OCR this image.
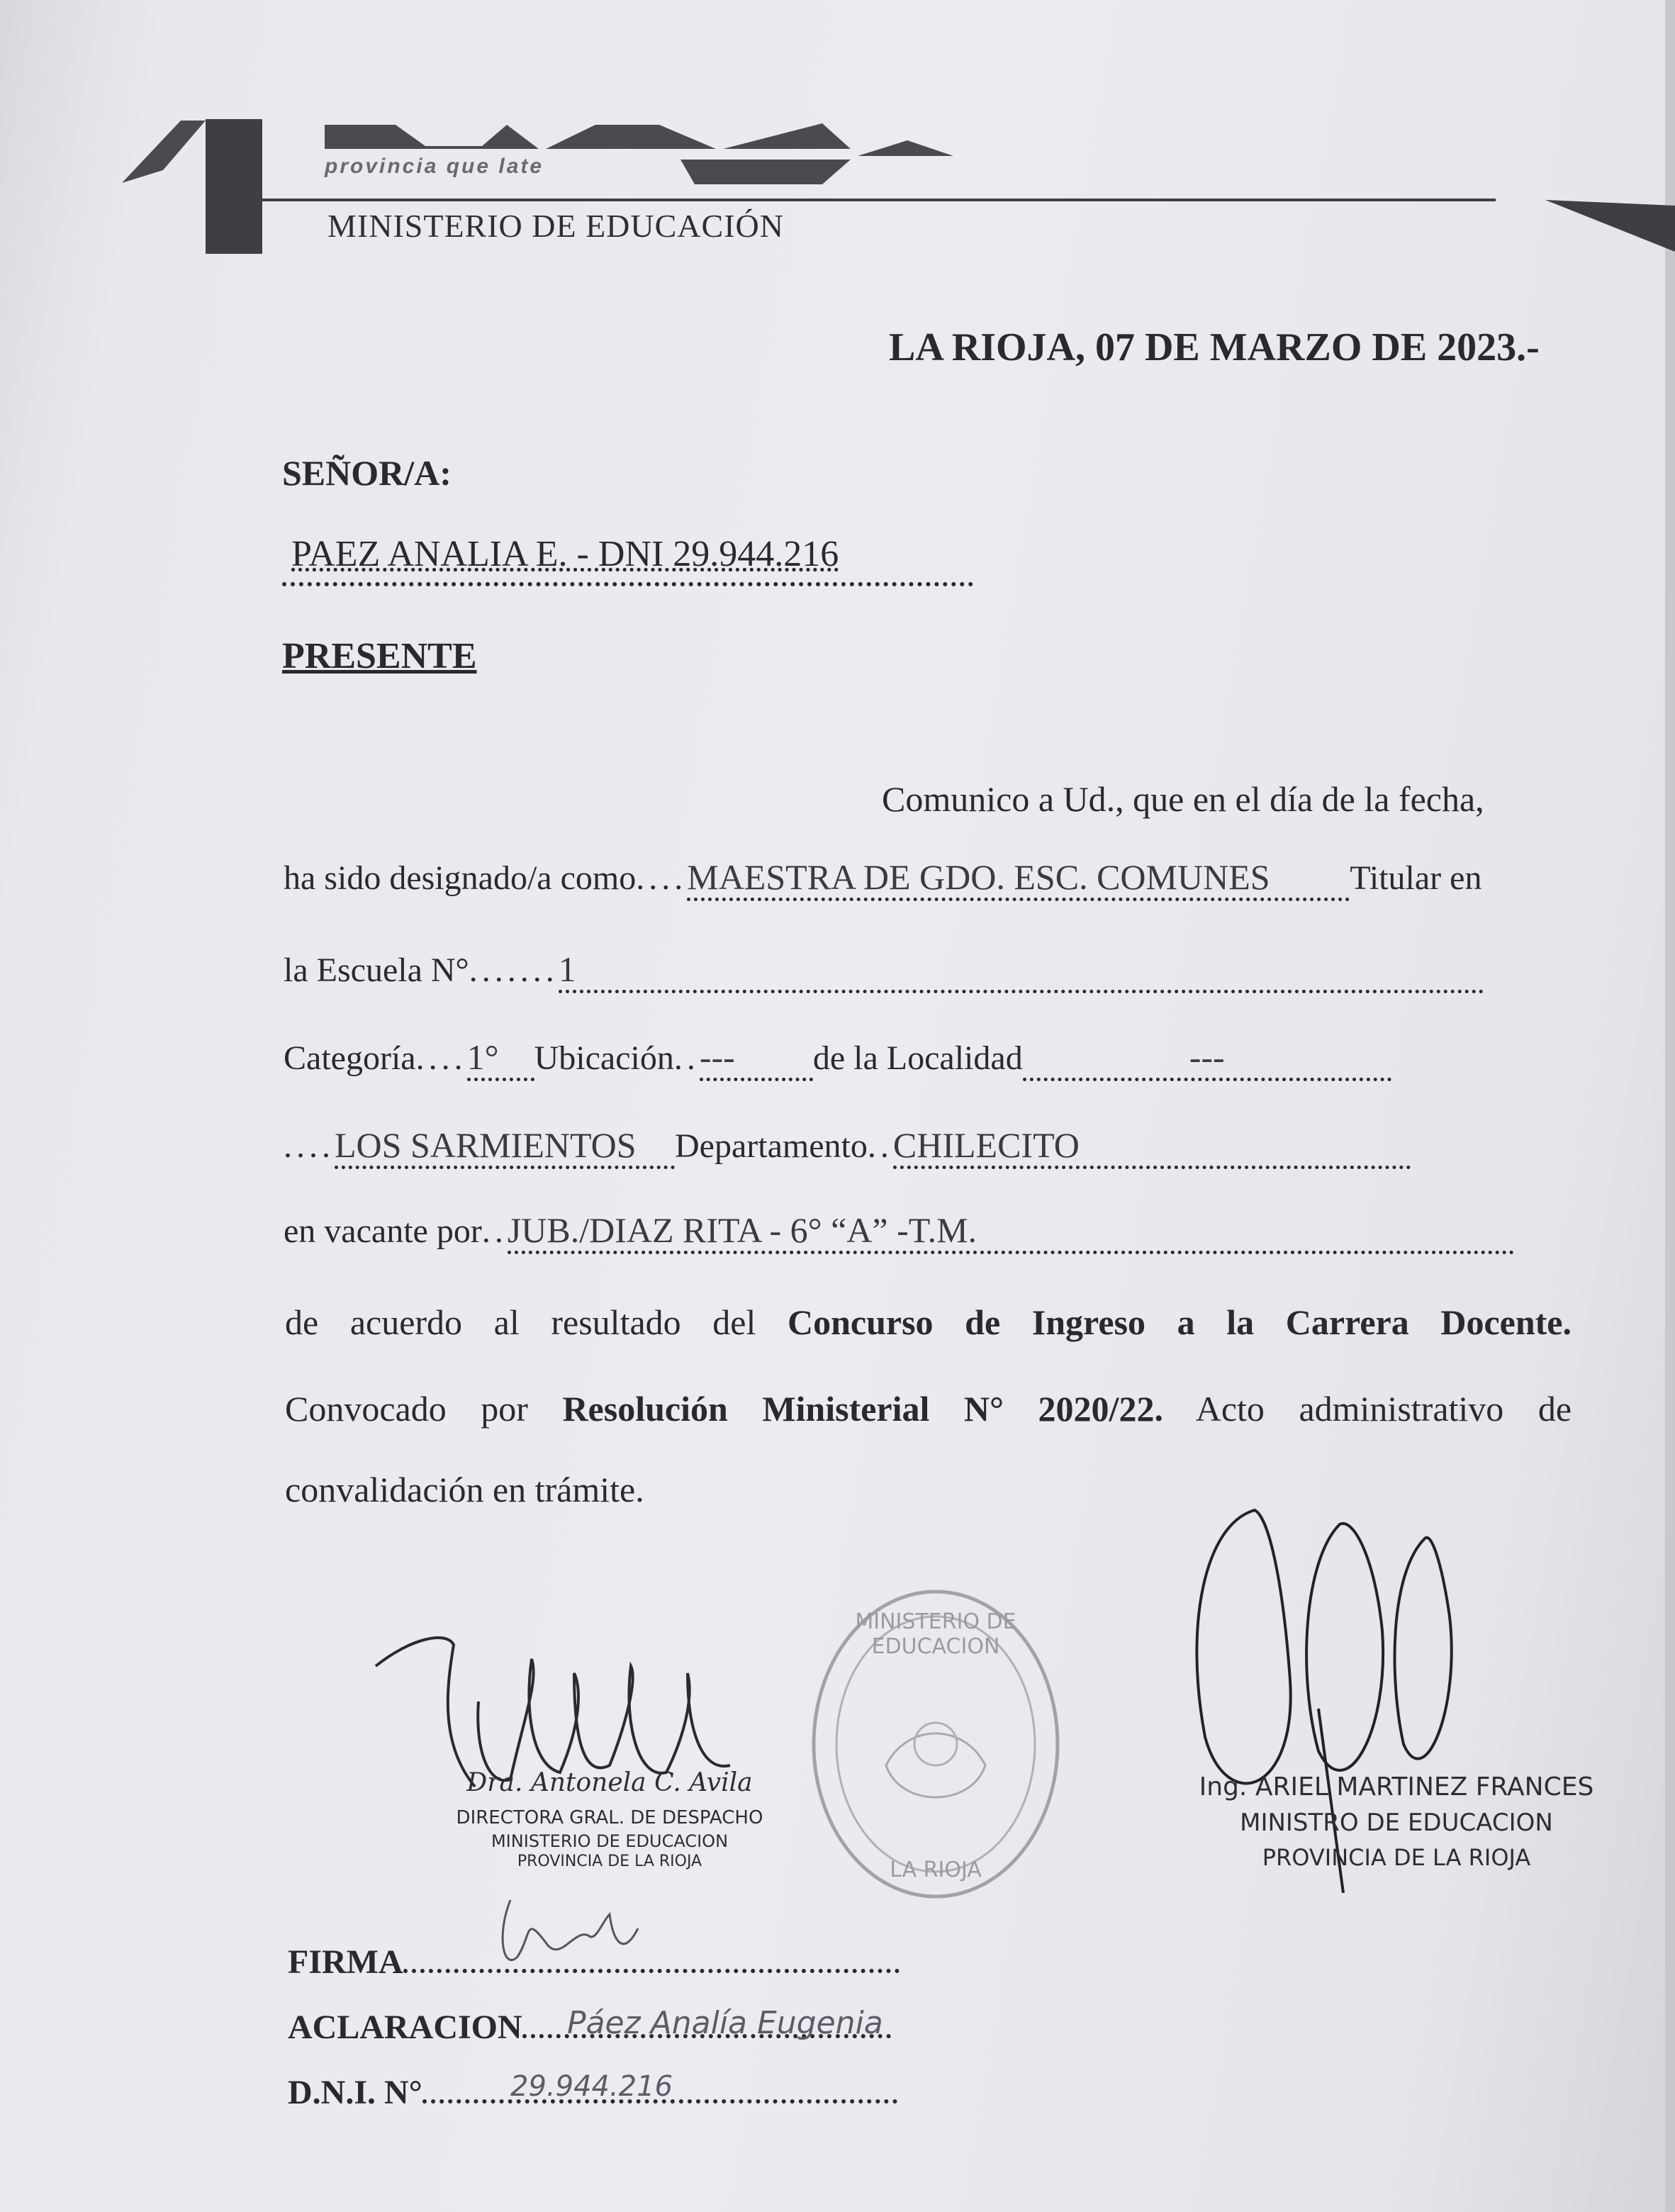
provincia que late
MINISTERIO DE EDUCACIÓN
LA RIOJA, 07 DE MARZO DE 2023.-
SEÑOR/A:
PAEZ ANALIA E. - DNI 29.944.216
PRESENTE
Comunico a Ud., que en el día de la fecha,
ha sido designado/a como....MAESTRA DE GDO. ESC. COMUNES Titular en
la Escuela N°.......1
Categoría....1° Ubicación..--- de la Localidad	---
....LOS SARMIENTOS Departamento..CHILECITO
en vacante por..JUB./DIAZ RITA - 6° “A” -T.M.
de acuerdo al resultado del Concurso de Ingreso a la Carrera Docente.
Convocado por Resolución Ministerial N° 2020/22. Acto administrativo de
convalidación en trámite.
Dra. Antonela C. Avila
DIRECTORA GRAL. DE DESPACHO
MINISTERIO DE EDUCACION
PROVINCIA DE LA RIOJA
MINISTERIO DE EDUCACION
LA RIOJA
Ing. ARIEL MARTINEZ FRANCES
MINISTRO DE EDUCACION
PROVINCIA DE LA RIOJA
FIRMA
ACLARACION	Páez Analía Eugenia
D.N.I. N°	29.944.216
